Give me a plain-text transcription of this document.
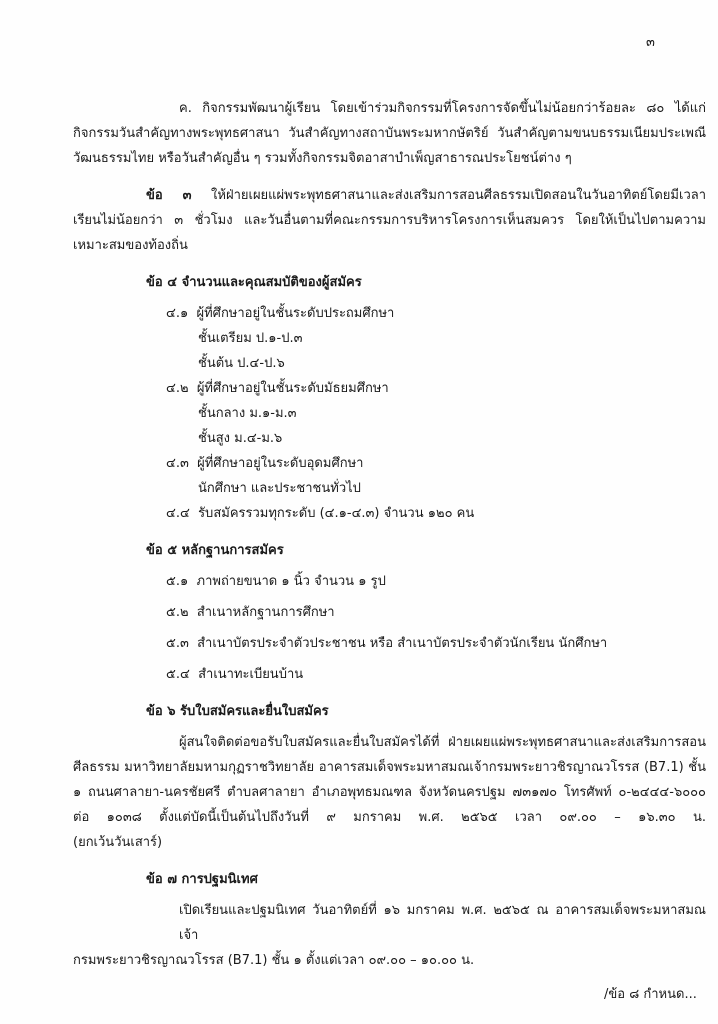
๓
ค. กิจกรรมพัฒนาผู้เรียน โดยเข้าร่วมกิจกรรมที่โครงการจัดขึ้นไม่น้อยกว่าร้อยละ ๘๐ ได้แก่
กิจกรรมวันสำคัญทางพระพุทธศาสนา วันสำคัญทางสถาบันพระมหากษัตริย์ วันสำคัญตามขนบธรรมเนียมประเพณี
วัฒนธรรมไทย หรือวันสำคัญอื่น ๆ รวมทั้งกิจกรรมจิตอาสาบำเพ็ญสาธารณประโยชน์ต่าง ๆ
ข้อ ๓ ให้ฝ่ายเผยแผ่พระพุทธศาสนาและส่งเสริมการสอนศีลธรรมเปิดสอนในวันอาทิตย์โดยมีเวลา
เรียนไม่น้อยกว่า ๓ ชั่วโมง และวันอื่นตามที่คณะกรรมการบริหารโครงการเห็นสมควร โดยให้เป็นไปตามความ
เหมาะสมของท้องถิ่น
ข้อ ๔ จำนวนและคุณสมบัติของผู้สมัคร
๔.๑ ผู้ที่ศึกษาอยู่ในชั้นระดับประถมศึกษา
ชั้นเตรียม ป.๑-ป.๓
ชั้นต้น ป.๔-ป.๖
๔.๒ ผู้ที่ศึกษาอยู่ในชั้นระดับมัธยมศึกษา
ชั้นกลาง ม.๑-ม.๓
ชั้นสูง ม.๔-ม.๖
๔.๓ ผู้ที่ศึกษาอยู่ในระดับอุดมศึกษา
นักศึกษา และประชาชนทั่วไป
๔.๔ รับสมัครรวมทุกระดับ (๔.๑-๔.๓) จำนวน ๑๒๐ คน
ข้อ ๕ หลักฐานการสมัคร
๕.๑ ภาพถ่ายขนาด ๑ นิ้ว จำนวน ๑ รูป
๕.๒ สำเนาหลักฐานการศึกษา
๕.๓ สำเนาบัตรประจำตัวประชาชน หรือ สำเนาบัตรประจำตัวนักเรียน นักศึกษา
๕.๔ สำเนาทะเบียนบ้าน
ข้อ ๖ รับใบสมัครและยื่นใบสมัคร
ผู้สนใจติดต่อขอรับใบสมัครและยื่นใบสมัครได้ที่ ฝ่ายเผยแผ่พระพุทธศาสนาและส่งเสริมการสอน
ศีลธรรม มหาวิทยาลัยมหามกุฏราชวิทยาลัย อาคารสมเด็จพระมหาสมณเจ้ากรมพระยาวชิรญาณวโรรส (B7.1) ชั้น
๑ ถนนศาลายา-นครชัยศรี ตำบลศาลายา อำเภอพุทธมณฑล จังหวัดนครปฐม ๗๓๑๗๐ โทรศัพท์ ๐-๒๔๔๔-๖๐๐๐
ต่อ ๑๐๓๘ ตั้งแต่บัดนี้เป็นต้นไปถึงวันที่ ๙ มกราคม พ.ศ. ๒๕๖๕ เวลา ๐๙.๐๐ – ๑๖.๓๐ น.
(ยกเว้นวันเสาร์)
ข้อ ๗ การปฐมนิเทศ
เปิดเรียนและปฐมนิเทศ วันอาทิตย์ที่ ๑๖ มกราคม พ.ศ. ๒๕๖๕ ณ อาคารสมเด็จพระมหาสมณเจ้า
กรมพระยาวชิรญาณวโรรส (B7.1) ชั้น ๑ ตั้งแต่เวลา ๐๙.๐๐ – ๑๐.๐๐ น.
/ข้อ ๘ กำหนด...
